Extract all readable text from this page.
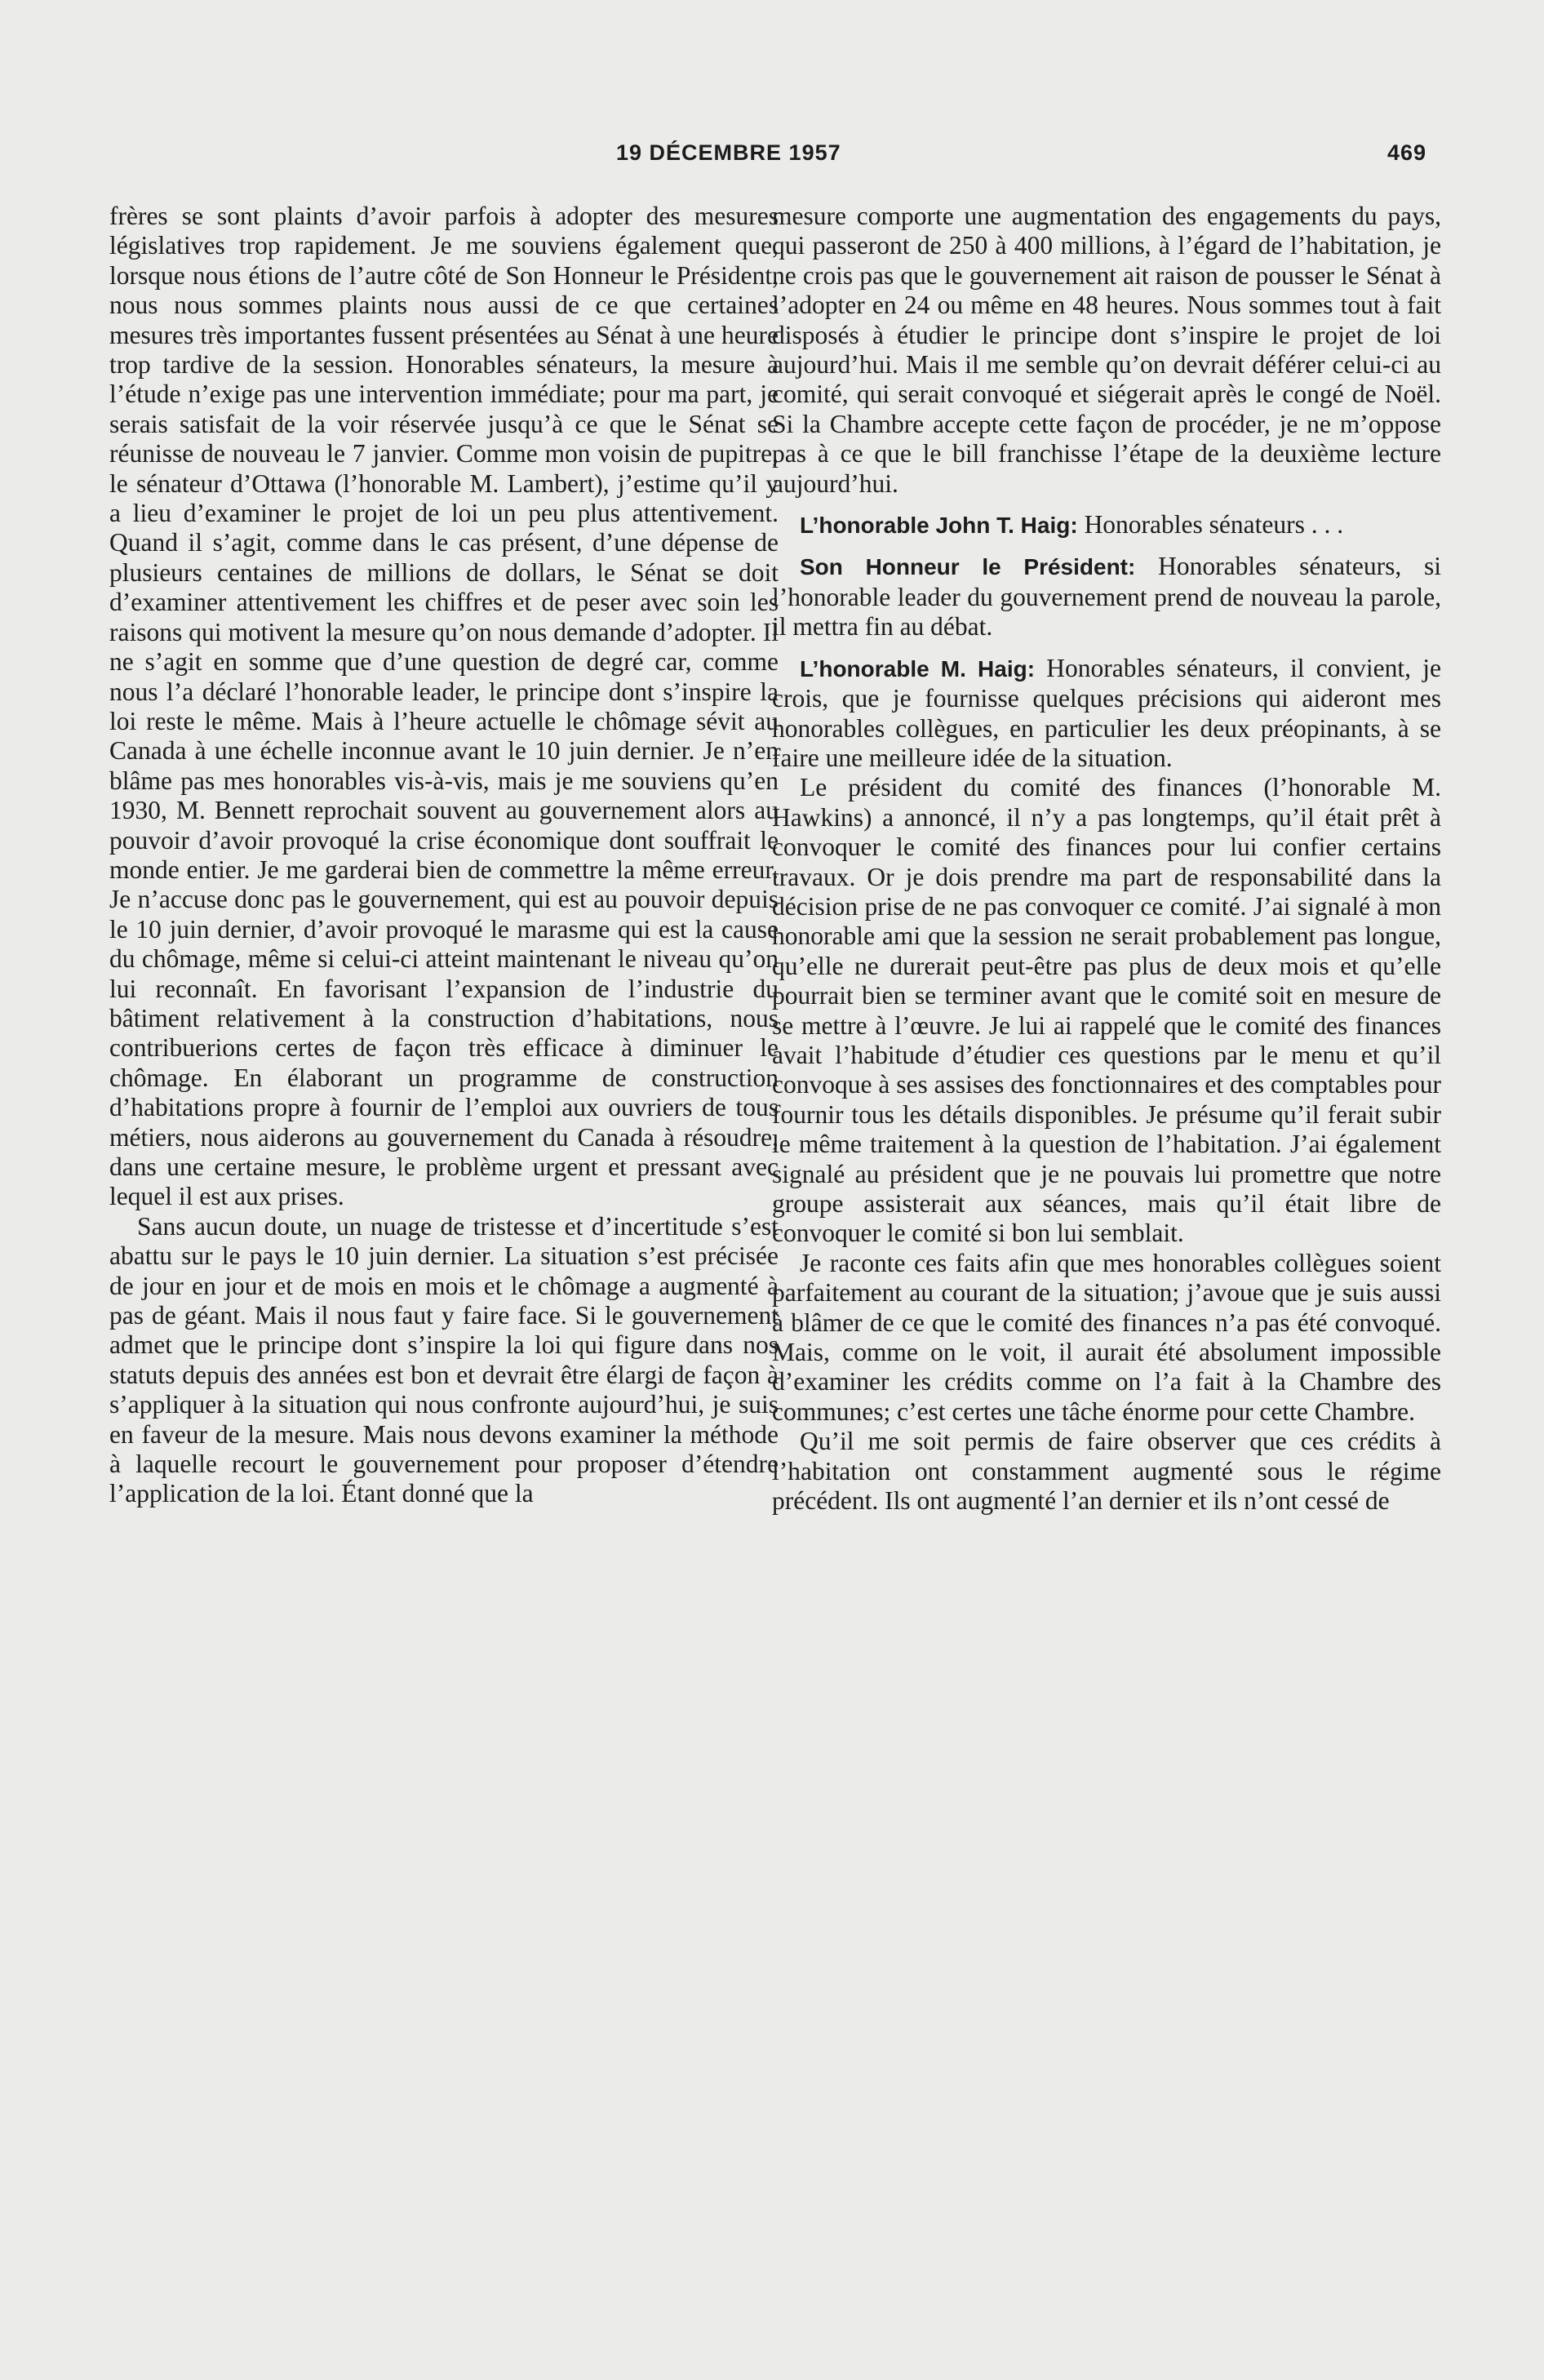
19 DÉCEMBRE 1957	469

frères se sont plaints d’avoir parfois à adopter des mesures législatives trop rapidement. Je me souviens également que, lorsque nous étions de l’autre côté de Son Honneur le Président, nous nous sommes plaints nous aussi de ce que certaines mesures très importantes fussent présentées au Sénat à une heure trop tardive de la session. Honorables sénateurs, la mesure à l’étude n’exige pas une intervention immédiate; pour ma part, je serais satisfait de la voir réservée jusqu’à ce que le Sénat se réunisse de nouveau le 7 janvier. Comme mon voisin de pupitre, le sénateur d’Ottawa (l’honorable M. Lambert), j’estime qu’il y a lieu d’examiner le projet de loi un peu plus attentivement. Quand il s’agit, comme dans le cas présent, d’une dépense de plusieurs centaines de millions de dollars, le Sénat se doit d’examiner attentivement les chiffres et de peser avec soin les raisons qui motivent la mesure qu’on nous demande d’adopter. Il ne s’agit en somme que d’une question de degré car, comme nous l’a déclaré l’honorable leader, le principe dont s’inspire la loi reste le même. Mais à l’heure actuelle le chômage sévit au Canada à une échelle inconnue avant le 10 juin dernier. Je n’en blâme pas mes honorables vis-à-vis, mais je me souviens qu’en 1930, M. Bennett reprochait souvent au gouvernement alors au pouvoir d’avoir provoqué la crise économique dont souffrait le monde entier. Je me garderai bien de commettre la même erreur. Je n’accuse donc pas le gouvernement, qui est au pouvoir depuis le 10 juin dernier, d’avoir provoqué le marasme qui est la cause du chômage, même si celui-ci atteint maintenant le niveau qu’on lui reconnaît. En favorisant l’expansion de l’industrie du bâtiment relativement à la construction d’habitations, nous contribuerions certes de façon très efficace à diminuer le chômage. En élaborant un programme de construction d’habitations propre à fournir de l’emploi aux ouvriers de tous métiers, nous aiderons au gouvernement du Canada à résoudre, dans une certaine mesure, le problème urgent et pressant avec lequel il est aux prises.

Sans aucun doute, un nuage de tristesse et d’incertitude s’est abattu sur le pays le 10 juin dernier. La situation s’est précisée de jour en jour et de mois en mois et le chômage a augmenté à pas de géant. Mais il nous faut y faire face. Si le gouvernement admet que le principe dont s’inspire la loi qui figure dans nos statuts depuis des années est bon et devrait être élargi de façon à s’appliquer à la situation qui nous confronte aujourd’hui, je suis en faveur de la mesure. Mais nous devons examiner la méthode à laquelle recourt le gouvernement pour proposer d’étendre l’application de la loi. Étant donné que la

mesure comporte une augmentation des engagements du pays, qui passeront de 250 à 400 millions, à l’égard de l’habitation, je ne crois pas que le gouvernement ait raison de pousser le Sénat à l’adopter en 24 ou même en 48 heures. Nous sommes tout à fait disposés à étudier le principe dont s’inspire le projet de loi aujourd’hui. Mais il me semble qu’on devrait déférer celui-ci au comité, qui serait convoqué et siégerait après le congé de Noël. Si la Chambre accepte cette façon de procéder, je ne m’oppose pas à ce que le bill franchisse l’étape de la deuxième lecture aujourd’hui.

L’honorable John T. Haig: Honorables sénateurs . . .

Son Honneur le Président: Honorables sénateurs, si l’honorable leader du gouvernement prend de nouveau la parole, il mettra fin au débat.

L’honorable M. Haig: Honorables sénateurs, il convient, je crois, que je fournisse quelques précisions qui aideront mes honorables collègues, en particulier les deux préopinants, à se faire une meilleure idée de la situation.

Le président du comité des finances (l’honorable M. Hawkins) a annoncé, il n’y a pas longtemps, qu’il était prêt à convoquer le comité des finances pour lui confier certains travaux. Or je dois prendre ma part de responsabilité dans la décision prise de ne pas convoquer ce comité. J’ai signalé à mon honorable ami que la session ne serait probablement pas longue, qu’elle ne durerait peut-être pas plus de deux mois et qu’elle pourrait bien se terminer avant que le comité soit en mesure de se mettre à l’œuvre. Je lui ai rappelé que le comité des finances avait l’habitude d’étudier ces questions par le menu et qu’il convoque à ses assises des fonctionnaires et des comptables pour fournir tous les détails disponibles. Je présume qu’il ferait subir le même traitement à la question de l’habitation. J’ai également signalé au président que je ne pouvais lui promettre que notre groupe assisterait aux séances, mais qu’il était libre de convoquer le comité si bon lui semblait.

Je raconte ces faits afin que mes honorables collègues soient parfaitement au courant de la situation; j’avoue que je suis aussi à blâmer de ce que le comité des finances n’a pas été convoqué. Mais, comme on le voit, il aurait été absolument impossible d’examiner les crédits comme on l’a fait à la Chambre des communes; c’est certes une tâche énorme pour cette Chambre.

Qu’il me soit permis de faire observer que ces crédits à l’habitation ont constamment augmenté sous le régime précédent. Ils ont augmenté l’an dernier et ils n’ont cessé de
